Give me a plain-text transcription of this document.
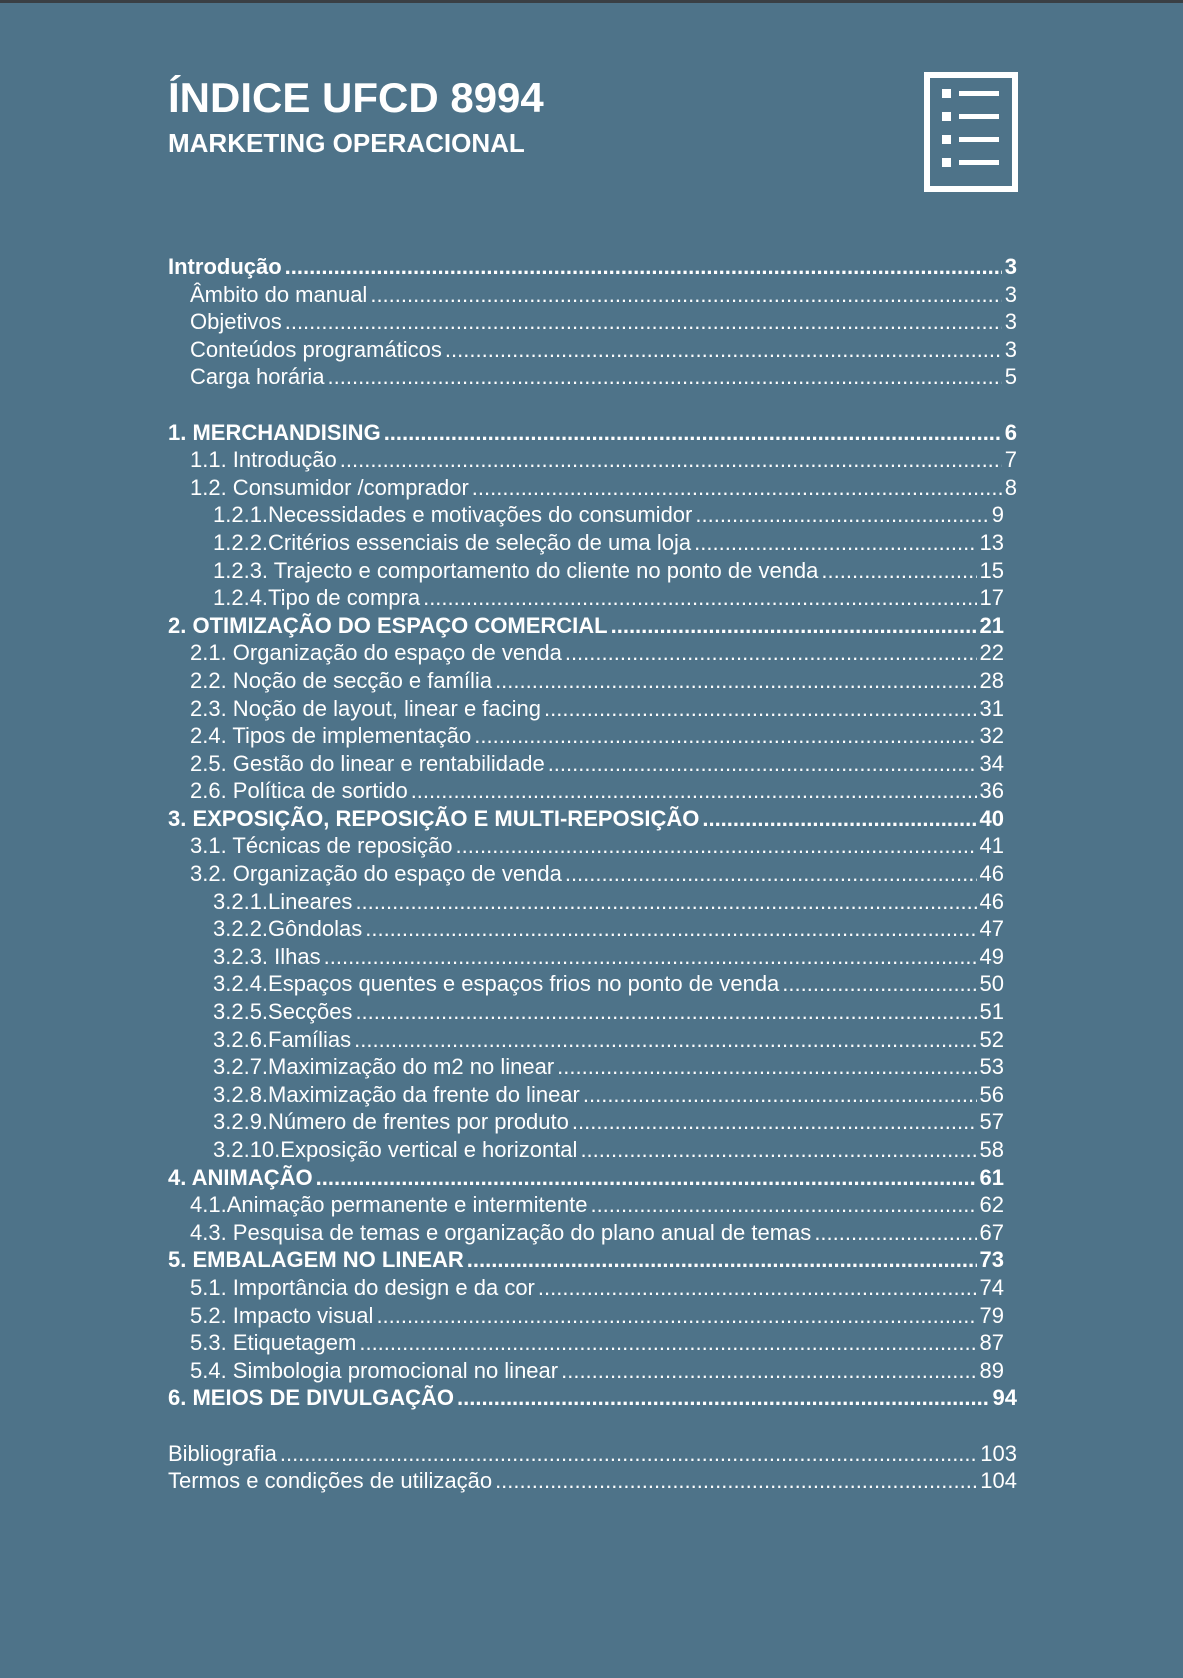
ÍNDICE UFCD 8994
MARKETING OPERACIONAL
Introdução .....	3
Âmbito do manual .....	3
Objetivos .....	3
Conteúdos programáticos .....	3
Carga horária .....	5
1. MERCHANDISING .....	6
1.1. Introdução .....	7
1.2. Consumidor /comprador .....	8
1.2.1.Necessidades e motivações do consumidor .....	9
1.2.2.Critérios essenciais de seleção de uma loja .....	13
1.2.3. Trajecto e comportamento do cliente no ponto de venda .....	15
1.2.4.Tipo de compra .....	17
2. OTIMIZAÇÃO DO ESPAÇO COMERCIAL .....	21
2.1. Organização do espaço de venda .....	22
2.2. Noção de secção e família .....	28
2.3. Noção de layout, linear e facing .....	31
2.4. Tipos de implementação .....	32
2.5. Gestão do linear e rentabilidade .....	34
2.6. Política de sortido .....	36
3. EXPOSIÇÃO, REPOSIÇÃO E MULTI-REPOSIÇÃO .....	40
3.1. Técnicas de reposição .....	41
3.2. Organização do espaço de venda .....	46
3.2.1.Lineares .....	46
3.2.2.Gôndolas .....	47
3.2.3. Ilhas .....	49
3.2.4.Espaços quentes e espaços frios no ponto de venda .....	50
3.2.5.Secções .....	51
3.2.6.Famílias .....	52
3.2.7.Maximização do m2 no linear .....	53
3.2.8.Maximização da frente do linear .....	56
3.2.9.Número de frentes por produto .....	57
3.2.10.Exposição vertical e horizontal .....	58
4. ANIMAÇÃO .....	61
4.1.Animação permanente e intermitente .....	62
4.3. Pesquisa de temas e organização do plano anual de temas .....	67
5. EMBALAGEM NO LINEAR .....	73
5.1. Importância do design e da cor .....	74
5.2. Impacto visual .....	79
5.3. Etiquetagem .....	87
5.4. Simbologia promocional no linear .....	89
6. MEIOS DE DIVULGAÇÃO .....	94
Bibliografia .....	103
Termos e condições de utilização .....	104
